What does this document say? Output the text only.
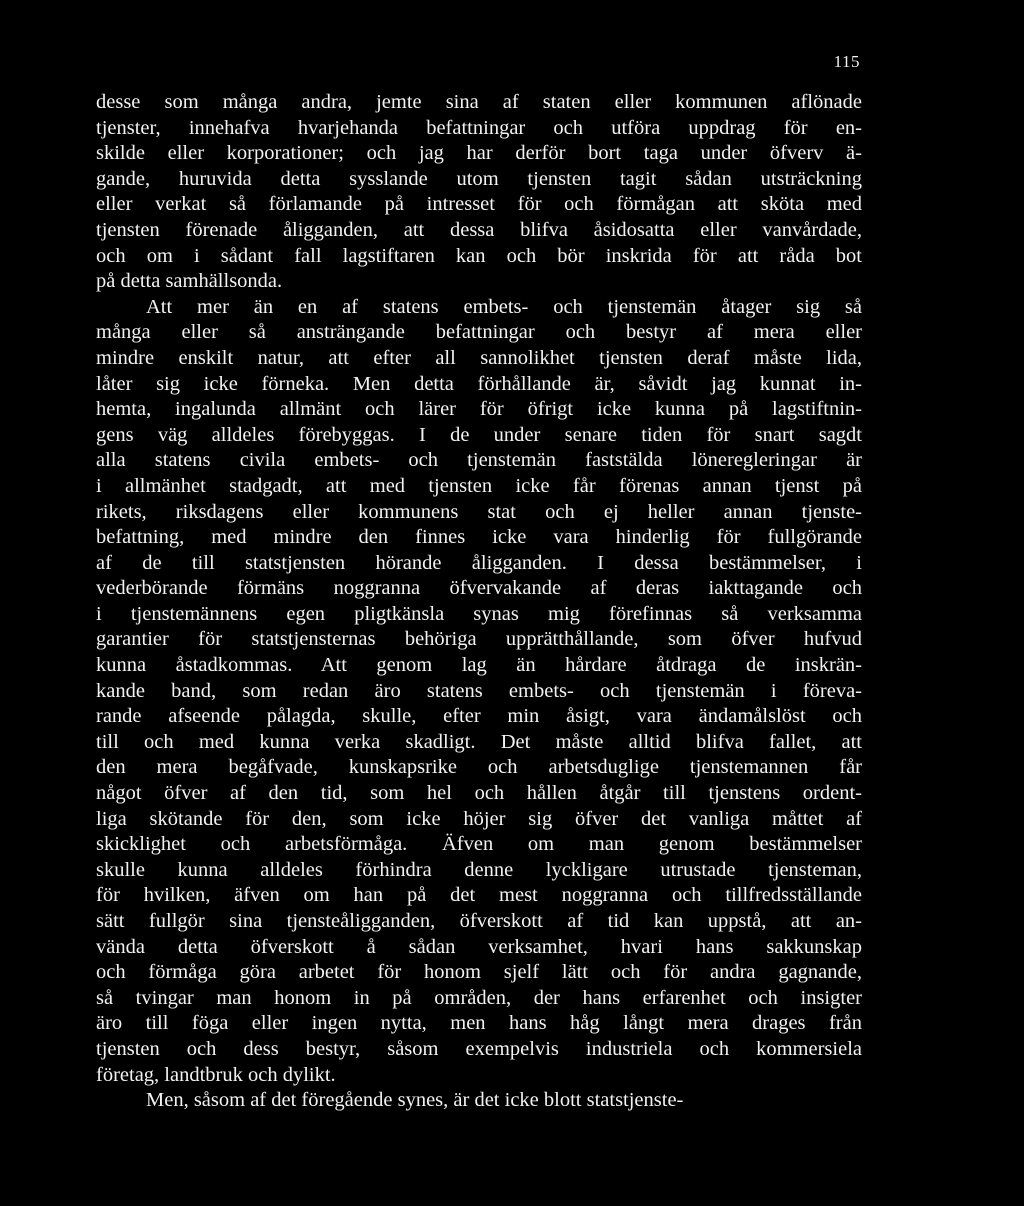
115
desse som många andra, jemte sina af staten eller kommunen aflönade
tjenster, innehafva hvarjehanda befattningar och utföra uppdrag för en-
skilde eller korporationer; och jag har derför bort taga under öfverv ä-
gande, huruvida detta sysslande utom tjensten tagit sådan utsträckning
eller verkat så förlamande på intresset för och förmågan att sköta med
tjensten förenade åligganden, att dessa blifva åsidosatta eller vanvårdade,
och om i sådant fall lagstiftaren kan och bör inskrida för att råda bot
på detta samhällsonda.
Att mer än en af statens embets- och tjenstemän åtager sig så
många eller så ansträngande befattningar och bestyr af mera eller
mindre enskilt natur, att efter all sannolikhet tjensten deraf måste lida,
låter sig icke förneka. Men detta förhållande är, såvidt jag kunnat in-
hemta, ingalunda allmänt och lärer för öfrigt icke kunna på lagstiftnin-
gens väg alldeles förebyggas. I de under senare tiden för snart sagdt
alla statens civila embets- och tjenstemän faststälda löneregleringar är
i allmänhet stadgadt, att med tjensten icke får förenas annan tjenst på
rikets, riksdagens eller kommunens stat och ej heller annan tjenste-
befattning, med mindre den finnes icke vara hinderlig för fullgörande
af de till statstjensten hörande åligganden. I dessa bestämmelser, i
vederbörande förmäns noggranna öfvervakande af deras iakttagande och
i tjenstemännens egen pligtkänsla synas mig förefinnas så verksamma
garantier för statstjensternas behöriga upprätthållande, som öfver hufvud
kunna åstadkommas. Att genom lag än hårdare åtdraga de inskrän-
kande band, som redan äro statens embets- och tjenstemän i föreva-
rande afseende pålagda, skulle, efter min åsigt, vara ändamålslöst och
till och med kunna verka skadligt. Det måste alltid blifva fallet, att
den mera begåfvade, kunskapsrike och arbetsduglige tjenstemannen får
något öfver af den tid, som hel och hållen åtgår till tjenstens ordent-
liga skötande för den, som icke höjer sig öfver det vanliga måttet af
skicklighet och arbetsförmåga. Äfven om man genom bestämmelser
skulle kunna alldeles förhindra denne lyckligare utrustade tjensteman,
för hvilken, äfven om han på det mest noggranna och tillfredsställande
sätt fullgör sina tjensteåligganden, öfverskott af tid kan uppstå, att an-
vända detta öfverskott å sådan verksamhet, hvari hans sakkunskap
och förmåga göra arbetet för honom sjelf lätt och för andra gagnande,
så tvingar man honom in på områden, der hans erfarenhet och insigter
äro till föga eller ingen nytta, men hans håg långt mera drages från
tjensten och dess bestyr, såsom exempelvis industriela och kommersiela
företag, landtbruk och dylikt.
Men, såsom af det föregående synes, är det icke blott statstjenste-
